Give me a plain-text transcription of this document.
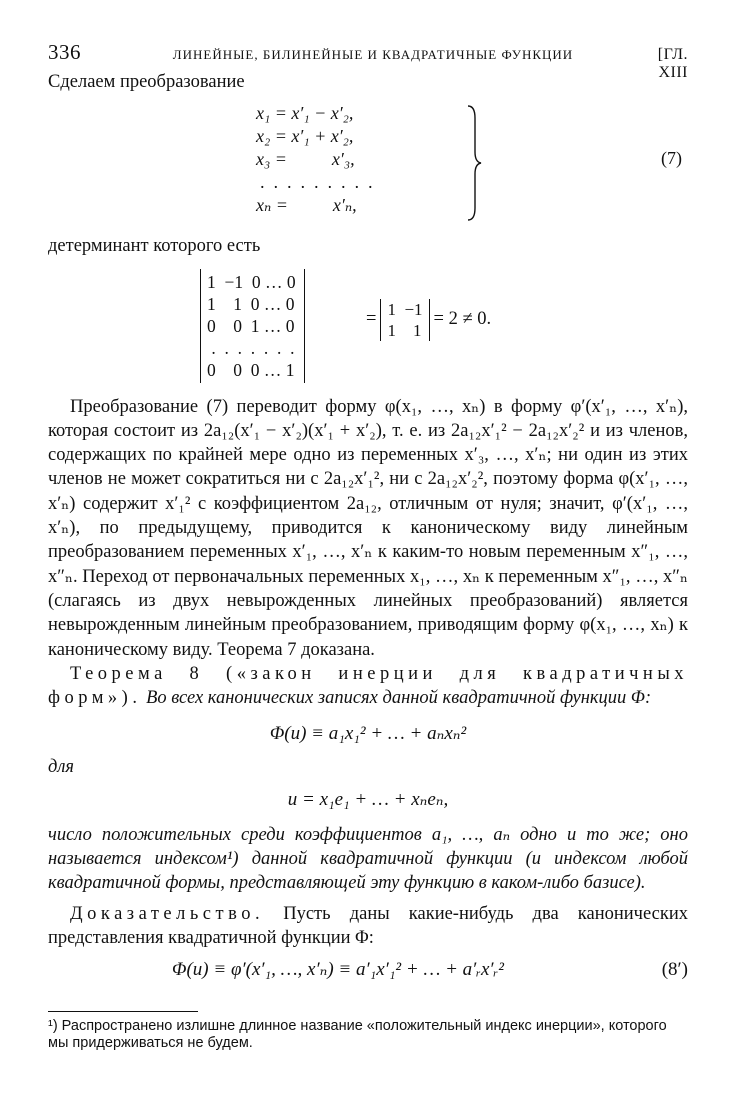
336	ЛИНЕЙНЫЕ, БИЛИНЕЙНЫЕ И КВАДРАТИЧНЫЕ ФУНКЦИИ	[ГЛ. XIII

Сделаем преобразование

x₁ = x′₁ − x′₂,
x₂ = x′₁ + x′₂,
x₃ =          x′₃,
.  .  .  .  .  .  .  .  .
xₙ =          x′ₙ,
(7)

детерминант которого есть

1  −1  0 … 0
1    1  0 … 0
0    0  1 … 0
.  .  .  .  .  .  .
0    0  0 … 1
= 1  −1
1    1
= 2 ≠ 0.

Преобразование (7) переводит форму φ(x₁, …, xₙ) в форму φ′(x′₁, …, x′ₙ), которая состоит из 2a₁₂(x′₁ − x′₂)(x′₁ + x′₂), т. е. из 2a₁₂x′₁² − 2a₁₂x′₂² и из членов, содержащих по крайней мере одно из переменных x′₃, …, x′ₙ; ни один из этих членов не может сократиться ни с 2a₁₂x′₁², ни с 2a₁₂x′₂², поэтому форма φ(x′₁, …, x′ₙ) содержит x′₁² с коэффициентом 2a₁₂, отличным от нуля; значит, φ′(x′₁, …, x′ₙ), по предыдущему, приводится к каноническому виду линейным преобразованием переменных x′₁, …, x′ₙ к каким-то новым переменным x″₁, …, x″ₙ. Переход от первоначальных переменных x₁, …, xₙ к переменным x″₁, …, x″ₙ (слагаясь из двух невырожденных линейных преобразований) является невырожденным линейным преобразованием, приводящим форму φ(x₁, …, xₙ) к каноническому виду. Теорема 7 доказана.

Теорема 8 («закон инерции для квадратичных форм»). Во всех канонических записях данной квадратичной функции Φ:

Φ(u) ≡ a₁x₁² + … + aₙxₙ²

для

u = x₁e₁ + … + xₙeₙ,

число положительных среди коэффициентов a₁, …, aₙ одно и то же; оно называется индексом¹) данной квадратичной функции (и индексом любой квадратичной формы, представляющей эту функцию в каком-либо базисе).

Доказательство. Пусть даны какие-нибудь два канонических представления квадратичной функции Φ:

Φ(u) ≡ φ′(x′₁, …, x′ₙ) ≡ a′₁x′₁² + … + a′ᵣx′ᵣ²	(8′)
¹) Распространено излишне длинное название «положительный индекс инерции», которого мы придерживаться не будем.
